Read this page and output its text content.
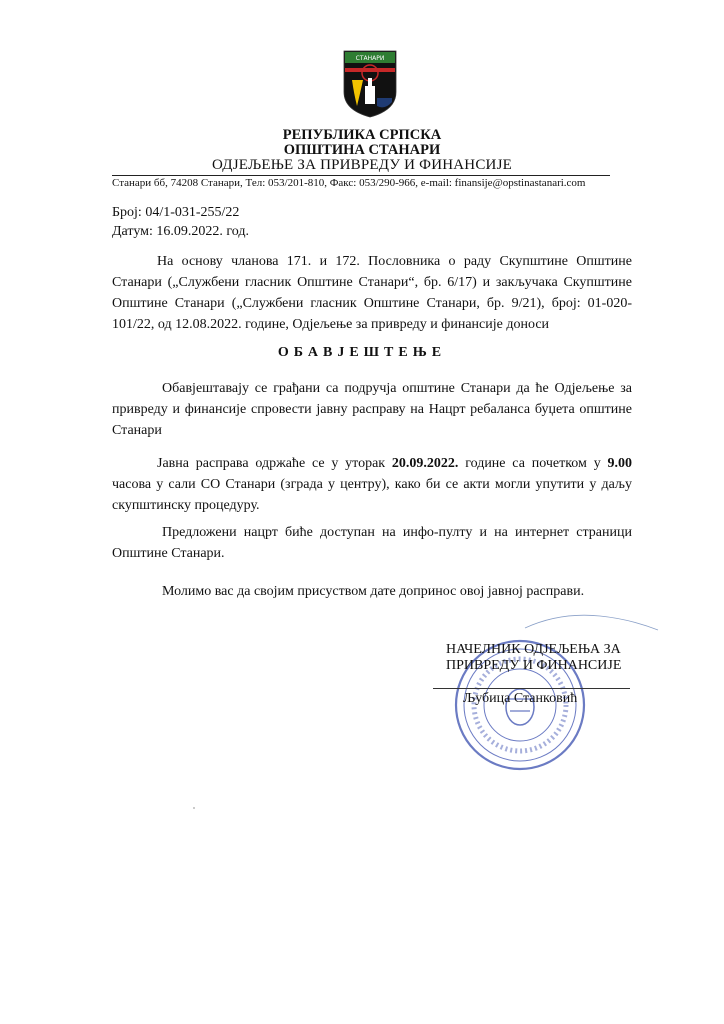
СТАНАРИ
РЕПУБЛИКА СРПСКА
ОПШТИНА СТАНАРИ
ОДЈЕЉЕЊЕ ЗА ПРИВРЕДУ И ФИНАНСИЈЕ
Станари бб, 74208 Станари, Тел: 053/201-810, Факс: 053/290-966, e-mail: finansije@opstinastanari.com
Број: 04/1-031-255/22
Датум: 16.09.2022. год.
На основу чланова 171. и 172. Пословника о раду Скупштине Општине Станари („Службени гласник Општине Станари“, бр. 6/17) и закључака Скупштине Општине Станари („Службени гласник Општине Станари, бр. 9/21), број: 01-020-101/22, од 12.08.2022. године, Одјељење за привреду и финансије доноси
ОБАВЈЕШТЕЊЕ
Обавјештавају се грађани са подручја општине Станари да ће Одјељење за привреду и финансије спровести јавну расправу на Нацрт ребаланса буџета општине Станари
Јавна расправа одржаће се у уторак 20.09.2022. године са почетком у 9.00 часова у сали СО Станари (зграда у центру), како би се акти могли упутити у даљу скупштинску процедуру.
Предложени нацрт биће доступан на инфо-пулту и на интернет страници Општине Станари.
Молимо вас да својим присуством дате допринос овој јавној расправи.
НАЧЕЛНИК ОДЈЕЉЕЊА ЗА
ПРИВРЕДУ И ФИНАНСИЈЕ
Љубица Станковић
